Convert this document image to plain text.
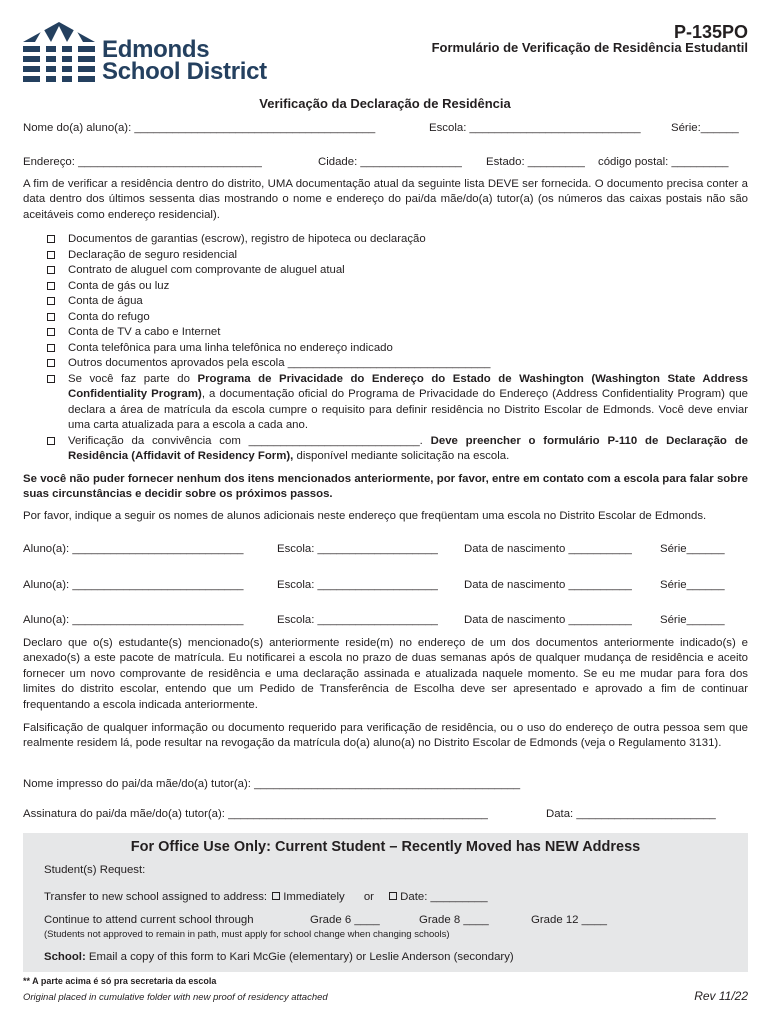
Edmonds
School District
P-135PO
Formulário de Verificação de Residência Estudantil
Verificação da Declaração de Residência
Nome do(a) aluno(a): ______________________________________	Escola: ___________________________	Série:______
Endereço: _____________________________	Cidade: ________________ Estado: _________ código postal: _________
A fim de verificar a residência dentro do distrito, UMA documentação atual da seguinte lista DEVE ser fornecida. O documento precisa conter a data dentro dos últimos sessenta dias mostrando o nome e endereço do pai/da mãe/do(a) tutor(a) (os números das caixas postais não são aceitáveis como endereço residencial).
Documentos de garantias (escrow), registro de hipoteca ou declaração
Declaração de seguro residencial
Contrato de aluguel com comprovante de aluguel atual
Conta de gás ou luz
Conta de água
Conta do refugo
Conta de TV a cabo e Internet
Conta telefônica para uma linha telefônica no endereço indicado
Outros documentos aprovados pela escola ________________________________
Se você faz parte do Programa de Privacidade do Endereço do Estado de Washington (Washington State Address Confidentiality Program), a documentação oficial do Programa de Privacidade do Endereço (Address Confidentiality Program) que declara a área de matrícula da escola cumpre o requisito para definir residência no Distrito Escolar de Edmonds. Você deve enviar uma carta atualizada para a escola a cada ano.
Verificação da convivência com ___________________________. Deve preencher o formulário P-110 de Declaração de Residência (Affidavit of Residency Form), disponível mediante solicitação na escola.
Se você não puder fornecer nenhum dos itens mencionados anteriormente, por favor, entre em contato com a escola para falar sobre suas circunstâncias e decidir sobre os próximos passos.
Por favor, indique a seguir os nomes de alunos adicionais neste endereço que freqüentam uma escola no Distrito Escolar de Edmonds.
Aluno(a): ___________________________	Escola: ___________________ Data de nascimento __________ Série______
Aluno(a): ___________________________	Escola: ___________________ Data de nascimento __________ Série______
Aluno(a): ___________________________	Escola: ___________________ Data de nascimento __________ Série______
Declaro que o(s) estudante(s) mencionado(s) anteriormente reside(m) no endereço de um dos documentos anteriormente indicado(s) e anexado(s) a este pacote de matrícula. Eu notificarei a escola no prazo de duas semanas após de qualquer mudança de residência e aceito fornecer um novo comprovante de residência e uma declaração assinada e atualizada naquele momento. Se eu me mudar para fora dos limites do distrito escolar, entendo que um Pedido de Transferência de Escolha deve ser apresentado e aprovado a fim de continuar frequentando a escola indicada anteriormente.
Falsificação de qualquer informação ou documento requerido para verificação de residência, ou o uso do endereço de outra pessoa sem que realmente residem lá, pode resultar na revogação da matrícula do(a) aluno(a) no Distrito Escolar de Edmonds (veja o Regulamento 3131).
Nome impresso do pai/da mãe/do(a) tutor(a): __________________________________________
Assinatura do pai/da mãe/do(a) tutor(a): _________________________________________	Data: ______________________
For Office Use Only: Current Student – Recently Moved has NEW Address
Student(s) Request:
Transfer to new school assigned to address: Immediately or Date: _________
Continue to attend current school through	Grade 6 ____	Grade 8 ____	Grade 12 ____
(Students not approved to remain in path, must apply for school change when changing schools)
School: Email a copy of this form to Kari McGie (elementary) or Leslie Anderson (secondary)
** A parte acima é só pra secretaria da escola
Original placed in cumulative folder with new proof of residency attached	Rev 11/22
